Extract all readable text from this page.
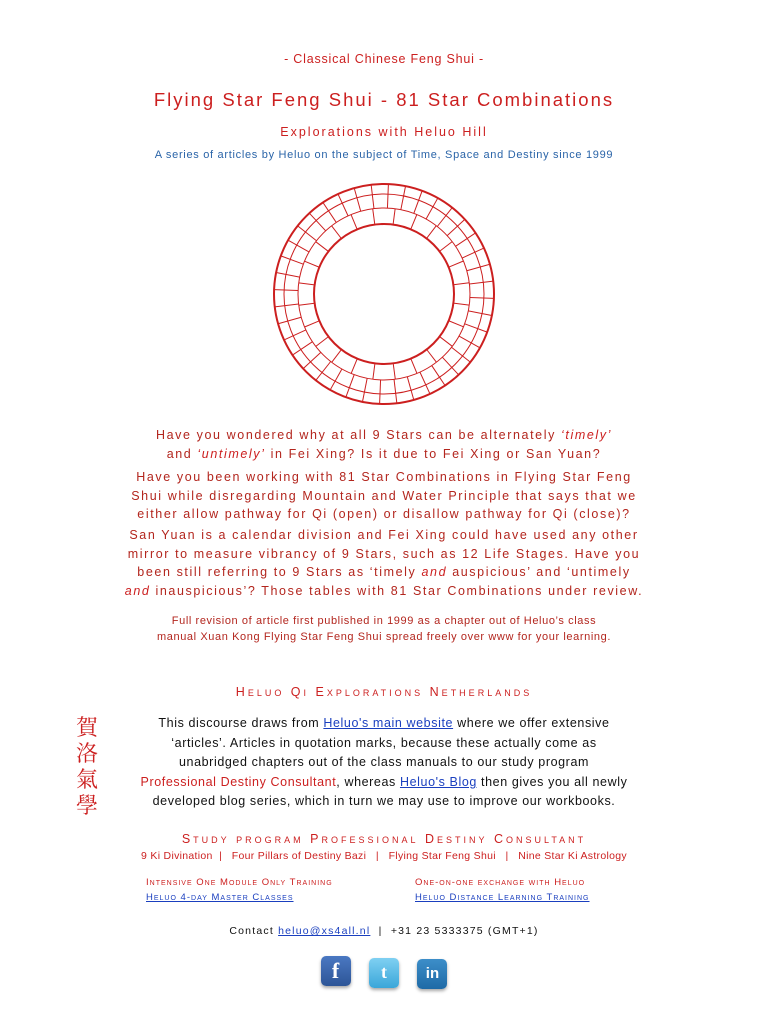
- Classical Chinese Feng Shui -
Flying Star Feng Shui - 81 Star Combinations
Explorations with Heluo Hill
A series of articles by Heluo on the subject of Time, Space and Destiny since 1999
Have you wondered why at all 9 Stars can be alternately ‘timely’
and ‘untimely’ in Fei Xing? Is it due to Fei Xing or San Yuan?
Have you been working with 81 Star Combinations in Flying Star Feng
Shui while disregarding Mountain and Water Principle that says that we
either allow pathway for Qi (open) or disallow pathway for Qi (close)?
San Yuan is a calendar division and Fei Xing could have used any other
mirror to measure vibrancy of 9 Stars, such as 12 Life Stages. Have you
been still referring to 9 Stars as ‘timely and auspicious’ and ‘untimely
and inauspicious’? Those tables with 81 Star Combinations under review.
Full revision of article first published in 1999 as a chapter out of Heluo’s class
manual Xuan Kong Flying Star Feng Shui spread freely over www for your learning.
Heluo Qi Explorations Netherlands
賀
洛
氣
學
This discourse draws from Heluo's main website where we offer extensive
‘articles’. Articles in quotation marks, because these actually come as
unabridged chapters out of the class manuals to our study program
Professional Destiny Consultant, whereas Heluo's Blog then gives you all newly
developed blog series, which in turn we may use to improve our workbooks.
Study program Professional Destiny Consultant
9 Ki Divination | Four Pillars of Destiny Bazi | Flying Star Feng Shui | Nine Star Ki Astrology
Intensive One Module Only Training
Heluo 4-day Master Classes
One-on-one exchange with Heluo
Heluo Distance Learning Training
Contact heluo@xs4all.nl | +31 23 5333375 (GMT+1)
f t	in
